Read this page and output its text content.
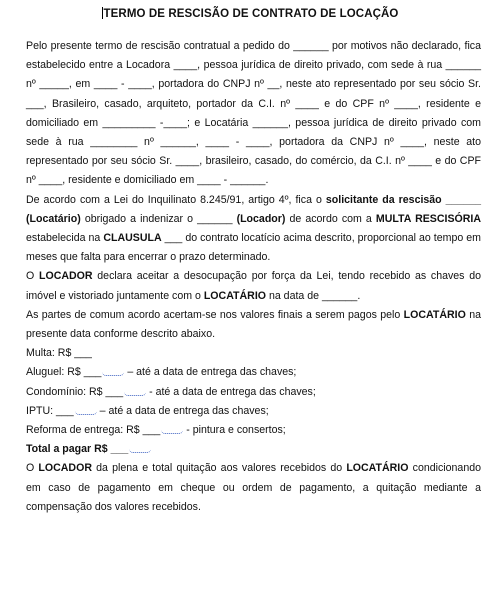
TERMO DE RESCISÃO DE CONTRATO DE LOCAÇÃO

Pelo presente termo de rescisão contratual a pedido do ______ por motivos não declarado, fica estabelecido entre a Locadora ____, pessoa jurídica de direito privado, com sede à rua ______ nº _____, em ____ - ____, portadora do CNPJ nº __, neste ato representado por seu sócio Sr. ___, Brasileiro, casado, arquiteto, portador da C.I. nº ____ e do CPF nº ____, residente e domiciliado em _________ -____; e Locatária ______, pessoa jurídica de direito privado com sede à rua ________ nº ______, ____ - ____, portadora da CNPJ nº ____, neste ato representado por seu sócio Sr. ____, brasileiro, casado, do comércio, da C.I. nº ____ e do CPF nº ____, residente e domiciliado em ____ - ______.

De acordo com a Lei do Inquilinato 8.245/91, artigo 4º, fica o solicitante da rescisão ______ (Locatário) obrigado a indenizar o ______ (Locador) de acordo com a MULTA RESCISÓRIA estabelecida na CLAUSULA ___ do contrato locatício acima descrito, proporcional ao tempo em meses que falta para encerrar o prazo determinado.

O LOCADOR declara aceitar a desocupação por força da Lei, tendo recebido as chaves do imóvel e vistoriado juntamente com o LOCATÁRIO na data de ______.

As partes de comum acordo acertam-se nos valores finais a serem pagos pelo LOCATÁRIO na presente data conforme descrito abaixo.

Multa: R$ ___

Aluguel: R$ ___ – até a data de entrega das chaves;

Condomínio: R$ ___ - até a data de entrega das chaves;

IPTU: ___ – até a data de entrega das chaves;

Reforma de entrega: R$ ___ - pintura e consertos;

Total a pagar R$ ___

O LOCADOR da plena e total quitação aos valores recebidos do LOCATÁRIO condicionando em caso de pagamento em cheque ou ordem de pagamento, a quitação mediante a compensação dos valores recebidos.
